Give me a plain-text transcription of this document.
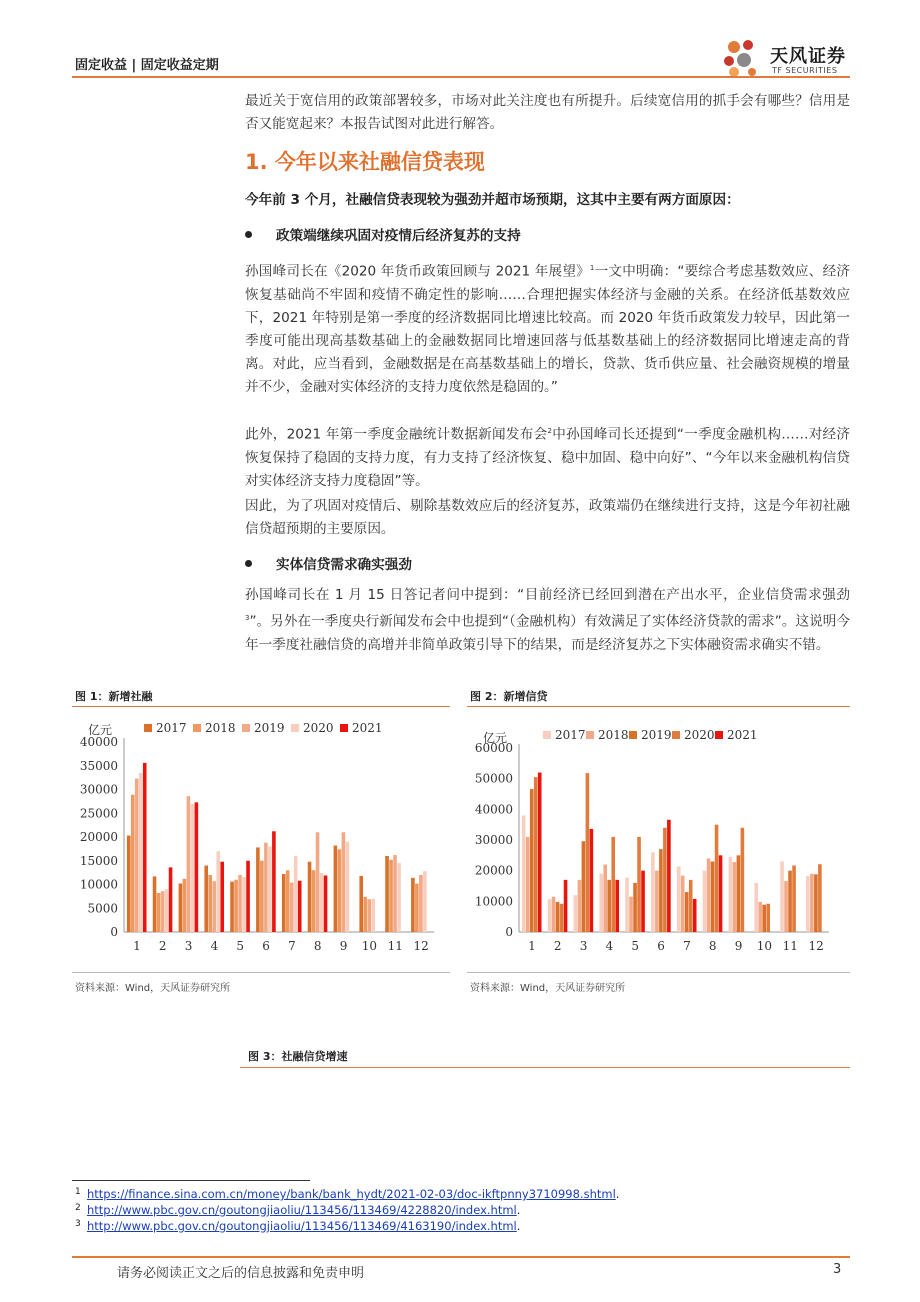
固定收益 | 固定收益定期	天风证券
TF SECURITIES
最近关于宽信用的政策部署较多，市场对此关注度也有所提升。后续宽信用的抓手会有哪些？信用是否又能宽起来？本报告试图对此进行解答。
1. 今年以来社融信贷表现
今年前 3 个月，社融信贷表现较为强劲并超市场预期，这其中主要有两方面原因：
政策端继续巩固对疫情后经济复苏的支持
孙国峰司长在《2020 年货币政策回顾与 2021 年展望》$^1$一文中明确：“要综合考虑基数效应、经济恢复基础尚不牢固和疫情不确定性的影响……合理把握实体经济与金融的关系。在经济低基数效应下，2021 年特别是第一季度的经济数据同比增速比较高。而 2020 年货币政策发力较早，因此第一季度可能出现高基数基础上的金融数据同比增速回落与低基数基础上的经济数据同比增速走高的背离。对此，应当看到，金融数据是在高基数基础上的增长，贷款、货币供应量、社会融资规模的增量并不少，金融对实体经济的支持力度依然是稳固的。”
此外，2021 年第一季度金融统计数据新闻发布会$^2$中孙国峰司长还提到“一季度金融机构……对经济恢复保持了稳固的支持力度，有力支持了经济恢复、稳中加固、稳中向好”、“今年以来金融机构信贷对实体经济支持力度稳固”等。
因此，为了巩固对疫情后、剔除基数效应后的经济复苏，政策端仍在继续进行支持，这是今年初社融信贷超预期的主要原因。
实体信贷需求确实强劲
孙国峰司长在 1 月 15 日答记者问中提到：“目前经济已经回到潜在产出水平，企业信贷需求强劲$^3$”。另外在一季度央行新闻发布会中也提到“（金融机构）有效满足了实体经济贷款的需求”。这说明今年一季度社融信贷的高增并非简单政策引导下的结果，而是经济复苏之下实体融资需求确实不错。
图 1：新增社融
0
5000
10000
15000
20000
25000
30000
35000
40000
亿元
1 2 3 4 5 6 7 8 9 10 11 12
2017 2018 2019 2020 2021
资料来源：Wind，天风证券研究所
图 2：新增信贷
0
10000
20000
30000
40000
50000
60000
亿元
1 2 3 4 5 6 7 8 9 10 11 12
2017 2018 2019 2020 2021
资料来源：Wind，天风证券研究所
图 3：社融信贷增速
1 https://finance.sina.com.cn/money/bank/bank_hydt/2021-02-03/doc-ikftpnny3710998.shtml.
2 http://www.pbc.gov.cn/goutongjiaoliu/113456/113469/4228820/index.html.
3 http://www.pbc.gov.cn/goutongjiaoliu/113456/113469/4163190/index.html.
请务必阅读正文之后的信息披露和免责申明	3
